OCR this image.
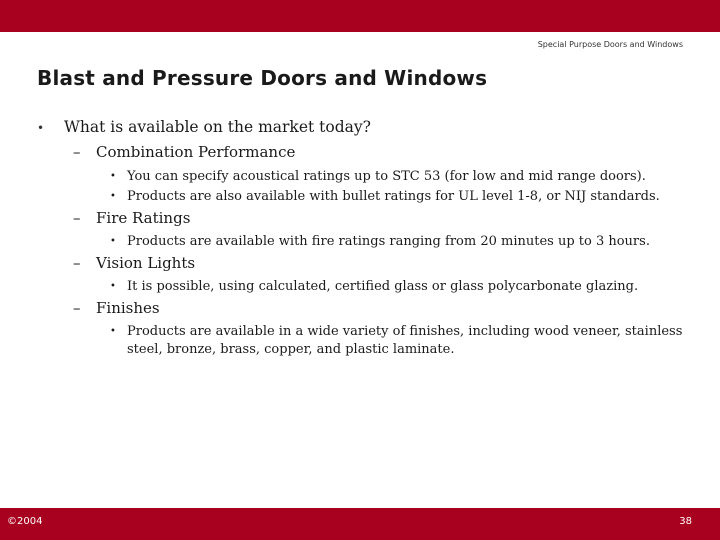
Special Purpose Doors and Windows
Blast and Pressure Doors and Windows
• What is available on the market today?
– Combination Performance
• You can specify acoustical ratings up to STC 53 (for low and mid range doors).
• Products are also available with bullet ratings for UL level 1-8, or NIJ standards.
– Fire Ratings
• Products are available with fire ratings ranging from 20 minutes up to 3 hours.
– Vision Lights
• It is possible, using calculated, certified glass or glass polycarbonate glazing.
– Finishes
• Products are available in a wide variety of finishes, including wood veneer, stainless steel, bronze, brass, copper, and plastic laminate.
©2004	38
